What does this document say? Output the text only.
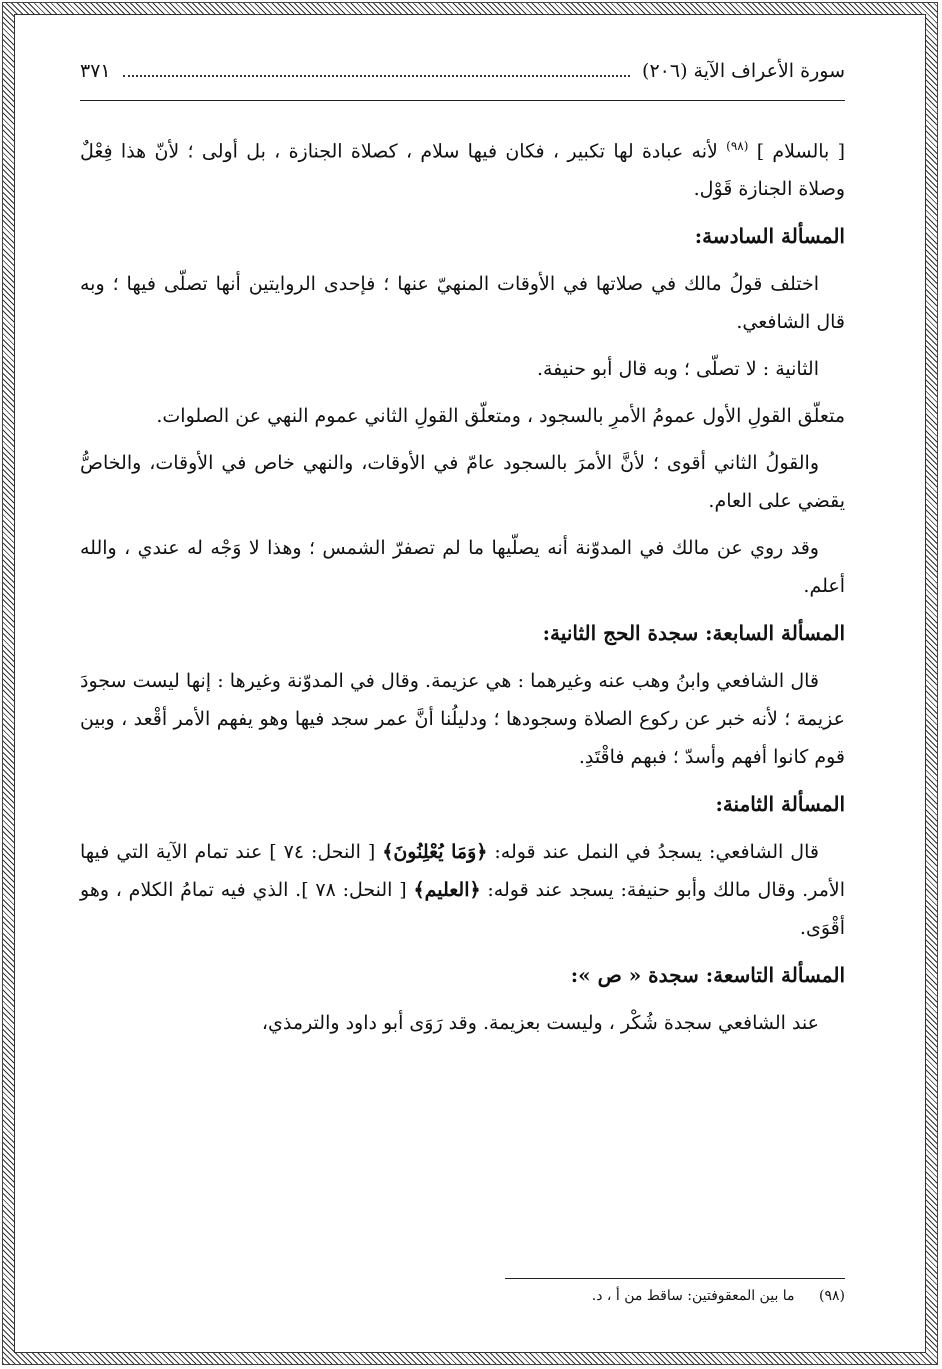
سورة الأعراف الآية (٢٠٦)
٣٧١

[ بالسلام ] $^{(٩٨)}$ لأنه عبادة لها تكبير ، فكان فيها سلام ، كصلاة الجنازة ، بل أولى ؛ لأنّ هذا فِعْلٌ وصلاة الجنازة قَوْل.

المسألة السادسة:

اختلف قولُ مالك في صلاتها في الأوقات المنهيّ عنها ؛ فإحدى الروايتين أنها تصلّى فيها ؛ وبه قال الشافعي.

الثانية : لا تصلّى ؛ وبه قال أبو حنيفة.

متعلّق القولِ الأول عمومُ الأمرِ بالسجود ، ومتعلّق القولِ الثاني عموم النهي عن الصلوات.

والقولُ الثاني أقوى ؛ لأنَّ الأمرَ بالسجود عامّ في الأوقات، والنهي خاص في الأوقات، والخاصُّ يقضي على العام.

وقد روي عن مالك في المدوّنة أنه يصلّيها ما لم تصفرّ الشمس ؛ وهذا لا وَجْه له عندي ، والله أعلم.

المسألة السابعة: سجدة الحج الثانية:

قال الشافعي وابنُ وهب عنه وغيرهما : هي عزيمة. وقال في المدوّنة وغيرها : إنها ليست سجودَ عزيمة ؛ لأنه خبر عن ركوع الصلاة وسجودها ؛ ودليلُنا أنَّ عمر سجد فيها وهو يفهم الأمر أقْعد ، وبين قوم كانوا أفهم وأسدّ ؛ فبهم فاقْتَدِ.

المسألة الثامنة:

قال الشافعي: يسجدُ في النمل عند قوله: ﴿وَمَا يُعْلِنُونَ﴾ [ النحل: ٧٤ ] عند تمام الآية التي فيها الأمر. وقال مالك وأبو حنيفة: يسجد عند قوله: ﴿العليم﴾ [ النحل: ٧٨ ]. الذي فيه تمامُ الكلام ، وهو أقْوَى.

المسألة التاسعة: سجدة « ص »:

عند الشافعي سجدة شُكْر ، وليست بعزيمة. وقد رَوَى أبو داود والترمذي،

(٩٨) ما بين المعقوفتين: ساقط من أ ، د.
